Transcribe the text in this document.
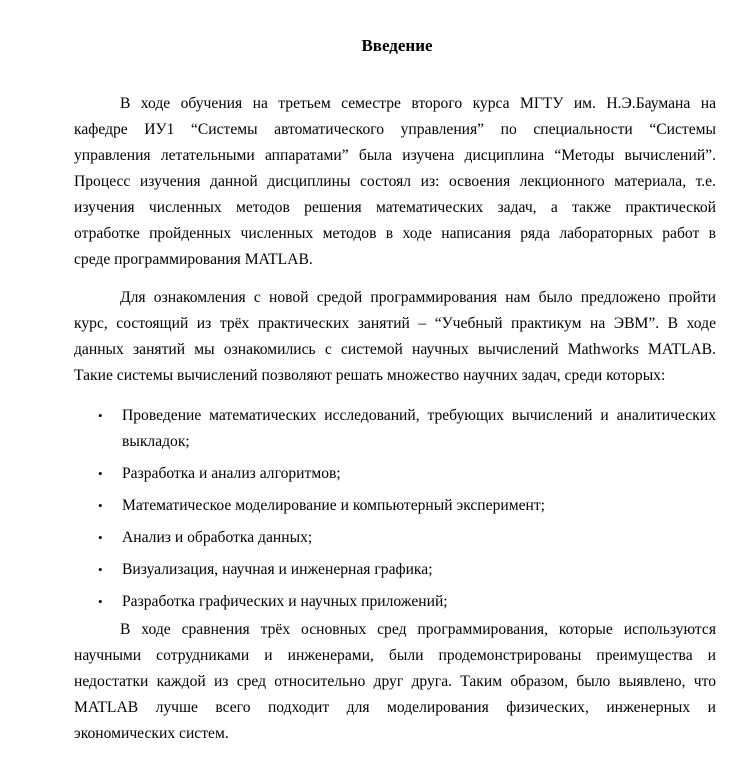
Введение
В ходе обучения на третьем семестре второго курса МГТУ им. Н.Э.Баумана на
кафедре ИУ1 “Системы автоматического управления” по специальности “Системы
управления летательными аппаратами” была изучена дисциплина “Методы вычислений”.
Процесс изучения данной дисциплины состоял из: освоения лекционного материала, т.е.
изучения численных методов решения математических задач, а также практической
отработке пройденных численных методов в ходе написания ряда лабораторных работ в
среде программирования MATLAB.
Для ознакомления с новой средой программирования нам было предложено пройти
курс, состоящий из трёх практических занятий – “Учебный практикум на ЭВМ”. В ходе
данных занятий мы ознакомились с системой научных вычислений Mathworks MATLAB.
Такие системы вычислений позволяют решать множество научних задач, среди которых:
•	Проведение математических исследований, требующих вычислений и аналитических
выкладок;
•	Разработка и анализ алгоритмов;
•	Математическое моделирование и компьютерный эксперимент;
•	Анализ и обработка данных;
•	Визуализация, научная и инженерная графика;
•	Разработка графических и научных приложений;
В ходе сравнения трёх основных сред программирования, которые используются
научными сотрудниками и инженерами, были продемонстрированы преимущества и
недостатки каждой из сред относительно друг друга. Таким образом, было выявлено, что
MATLAB лучше всего подходит для моделирования физических, инженерных и
экономических систем.
